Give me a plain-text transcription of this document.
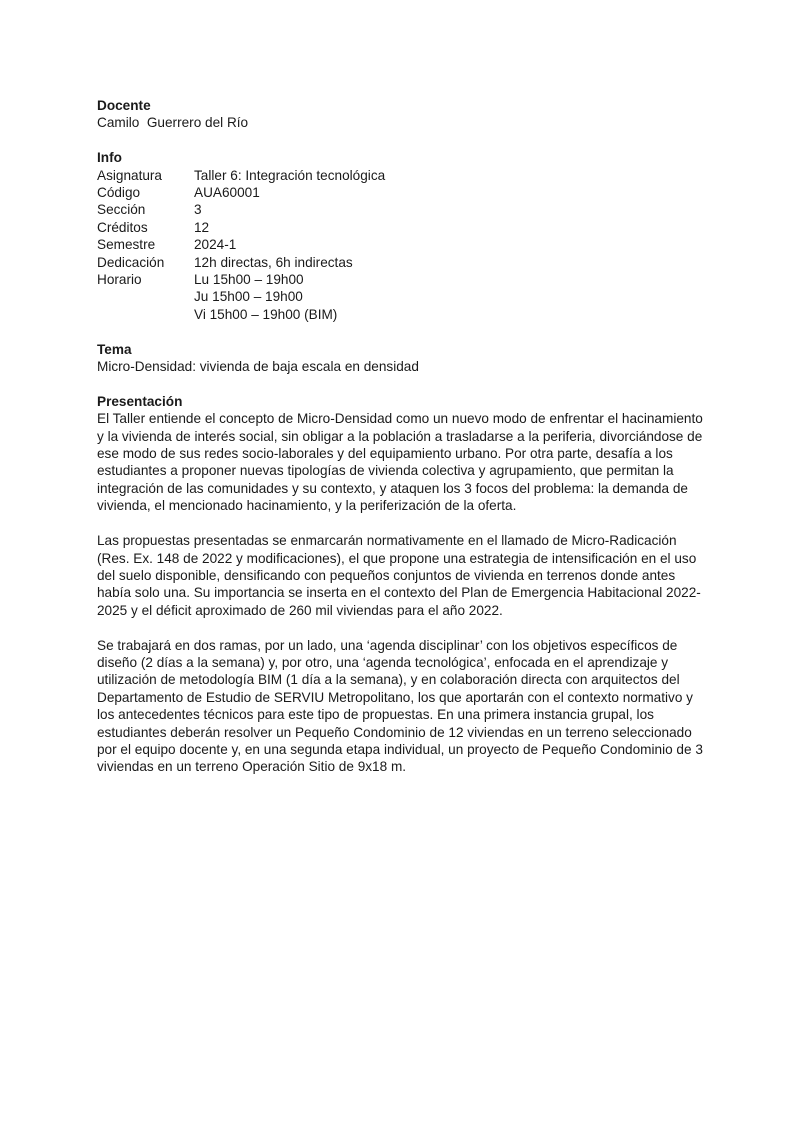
Docente
Camilo  Guerrero del Río
Info
Asignatura	Taller 6: Integración tecnológica
Código	AUA60001
Sección	3
Créditos	12
Semestre	2024-1
Dedicación	12h directas, 6h indirectas
Horario	Lu 15h00 – 19h00
Ju 15h00 – 19h00
Vi 15h00 – 19h00 (BIM)
Tema
Micro-Densidad: vivienda de baja escala en densidad
Presentación

El Taller entiende el concepto de Micro-Densidad como un nuevo modo de enfrentar el hacinamiento y la vivienda de interés social, sin obligar a la población a trasladarse a la periferia, divorciándose de ese modo de sus redes socio-laborales y del equipamiento urbano. Por otra parte, desafía a los estudiantes a proponer nuevas tipologías de vivienda colectiva y agrupamiento, que permitan la integración de las comunidades y su contexto, y ataquen los 3 focos del problema: la demanda de vivienda, el mencionado hacinamiento, y la periferización de la oferta.

Las propuestas presentadas se enmarcarán normativamente en el llamado de Micro-Radicación (Res. Ex. 148 de 2022 y modificaciones), el que propone una estrategia de intensificación en el uso del suelo disponible, densificando con pequeños conjuntos de vivienda en terrenos donde antes había solo una. Su importancia se inserta en el contexto del Plan de Emergencia Habitacional 2022-2025 y el déficit aproximado de 260 mil viviendas para el año 2022.

Se trabajará en dos ramas, por un lado, una ‘agenda disciplinar’ con los objetivos específicos de diseño (2 días a la semana) y, por otro, una ‘agenda tecnológica’, enfocada en el aprendizaje y utilización de metodología BIM (1 día a la semana), y en colaboración directa con arquitectos del Departamento de Estudio de SERVIU Metropolitano, los que aportarán con el contexto normativo y los antecedentes técnicos para este tipo de propuestas. En una primera instancia grupal, los estudiantes deberán resolver un Pequeño Condominio de 12 viviendas en un terreno seleccionado por el equipo docente y, en una segunda etapa individual, un proyecto de Pequeño Condominio de 3 viviendas en un terreno Operación Sitio de 9x18 m.
